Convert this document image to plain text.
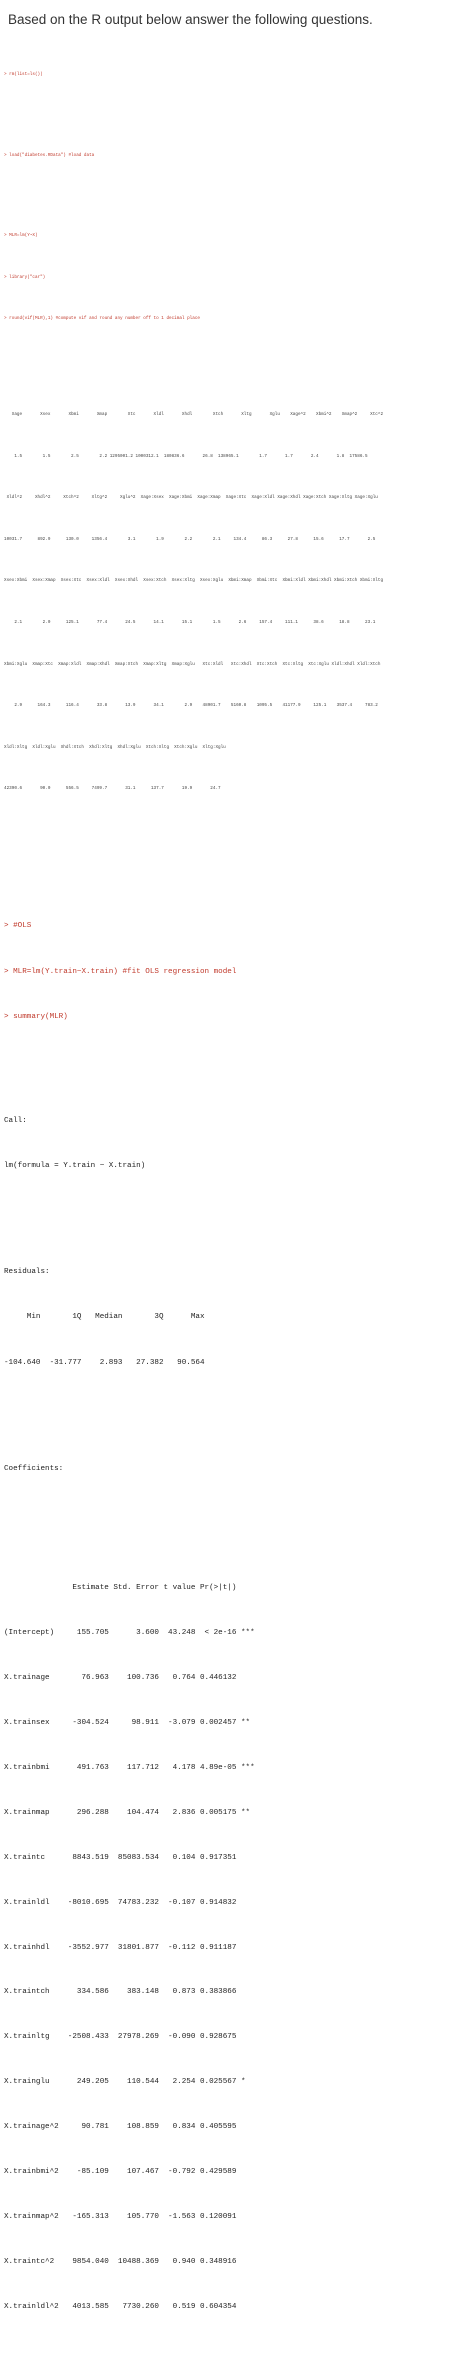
Based on the R output below answer the following questions.

> rm(list=ls())

> load("diabetes.RData") #load data

> MLR=lm(Y~X)

> library("car")

> round(vif(MLR),1) #compute vif and round any number off to 1 decimal place

Xage       Xsex       Xbmi       Xmap        Xtc       Xldl       Xhdl        Xtch       Xltg       Xglu    Xage^2    Xbmi^2    Xmap^2     Xtc^2

1.5        1.5        2.5        2.2 1295001.2 1000312.1  180836.6       26.8  138965.1        1.7       1.7       2.4       1.8  17586.5

Xldl^2     Xhdl^2     Xtch^2     Xltg^2     Xglu^2  Xage:Xsex  Xage:Xbmi  Xage:Xmap  Xage:Xtc  Xage:Xldl Xage:Xhdl Xage:Xtch Xage:Xltg Xage:Xglu

10031.7      892.9      130.0     1356.4        3.1        1.9        2.2        2.1     134.4      86.3      27.8      15.6      17.7       2.5

Xsex:Xbmi  Xsex:Xmap  Xsex:Xtc  Xsex:Xldl  Xsex:Xhdl  Xsex:Xtch  Xsex:Xltg  Xsex:Xglu  Xbmi:Xmap  Xbmi:Xtc  Xbmi:Xldl Xbmi:Xhdl Xbmi:Xtch Xbmi:Xltg

2.1        2.0      125.1       77.4       24.5       14.1       15.1        1.5       2.6     157.4     111.1      38.6      18.8      23.1

Xbmi:Xglu  Xmap:Xtc  Xmap:Xldl  Xmap:Xhdl  Xmap:Xtch  Xmap:Xltg  Xmap:Xglu   Xtc:Xldl   Xtc:Xhdl  Xtc:Xtch  Xtc:Xltg  Xtc:Xglu Xldl:Xhdl Xldl:Xtch

2.9      164.3      116.4       33.8       13.9       34.1        2.9    48901.7    5160.8    1095.5    41177.9     125.1    3537.4     783.2

Xldl:Xltg  Xldl:Xglu  Xhdl:Xtch  Xhdl:Xltg  Xhdl:Xglu  Xtch:Xltg  Xtch:Xglu  Xltg:Xglu

42390.6       90.0      556.5     7499.7       31.1      137.7       19.9       24.7

> #OLS

> MLR=lm(Y.train~X.train) #fit OLS regression model

> summary(MLR)

Call:

lm(formula = Y.train ~ X.train)

Residuals:

Min       1Q   Median       3Q      Max

-104.640  -31.777    2.893   27.382   90.564

Coefficients:

Estimate Std. Error t value Pr(>|t|)

(Intercept)     155.705      3.600  43.248  < 2e-16 ***

X.trainage       76.963    100.736   0.764 0.446132

X.trainsex     -304.524     98.911  -3.079 0.002457 **

X.trainbmi      491.763    117.712   4.178 4.89e-05 ***

X.trainmap      296.288    104.474   2.836 0.005175 **

X.traintc      8843.519  85083.534   0.104 0.917351

X.trainldl    -8010.695  74783.232  -0.107 0.914832

X.trainhdl    -3552.977  31801.877  -0.112 0.911187

X.traintch      334.586    383.148   0.873 0.383866

X.trainltg    -2508.433  27978.269  -0.090 0.928675

X.trainglu      249.205    110.544   2.254 0.025567 *

X.trainage^2     90.781    108.859   0.834 0.405595

X.trainbmi^2    -85.109    107.467  -0.792 0.429589

X.trainmap^2   -165.313    105.770  -1.563 0.120091

X.traintc^2    9854.040  10488.369   0.940 0.348916

X.trainldl^2   4013.585   7730.260   0.519 0.604354
